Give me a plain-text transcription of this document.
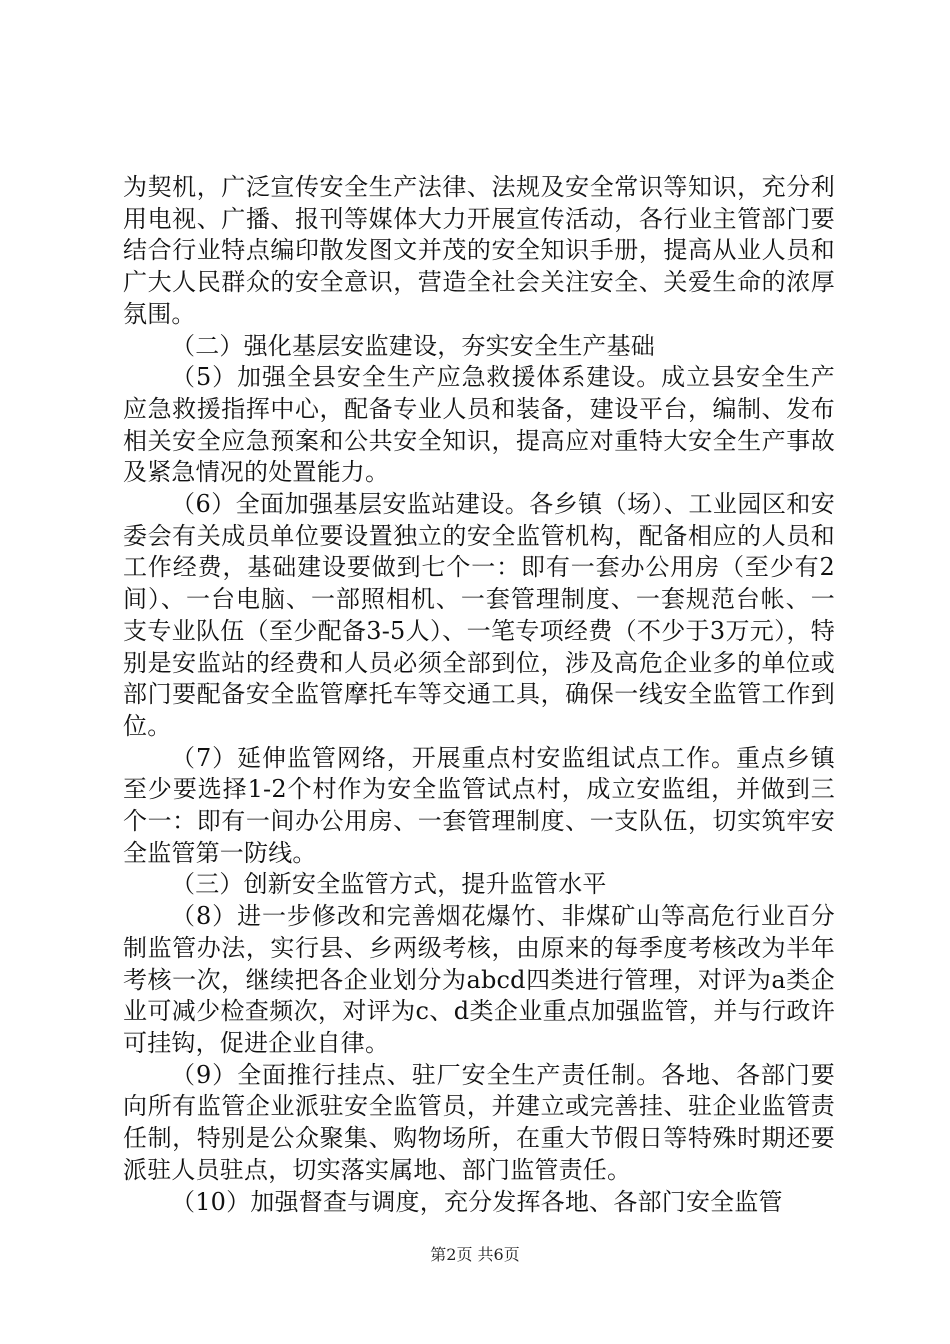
为契机，广泛宣传安全生产法律、法规及安全常识等知识，充分利用电视、广播、报刊等媒体大力开展宣传活动，各行业主管部门要结合行业特点编印散发图文并茂的安全知识手册，提高从业人员和广大人民群众的安全意识，营造全社会关注安全、关爱生命的浓厚氛围。

（二）强化基层安监建设，夯实安全生产基础

（5）加强全县安全生产应急救援体系建设。成立县安全生产应急救援指挥中心，配备专业人员和装备，建设平台，编制、发布相关安全应急预案和公共安全知识，提高应对重特大安全生产事故及紧急情况的处置能力。

（6）全面加强基层安监站建设。各乡镇（场）、工业园区和安委会有关成员单位要设置独立的安全监管机构，配备相应的人员和工作经费，基础建设要做到七个一：即有一套办公用房（至少有2间）、一台电脑、一部照相机、一套管理制度、一套规范台帐、一支专业队伍（至少配备3-5人）、一笔专项经费（不少于3万元），特别是安监站的经费和人员必须全部到位，涉及高危企业多的单位或部门要配备安全监管摩托车等交通工具，确保一线安全监管工作到位。

（7）延伸监管网络，开展重点村安监组试点工作。重点乡镇至少要选择1-2个村作为安全监管试点村，成立安监组，并做到三个一：即有一间办公用房、一套管理制度、一支队伍，切实筑牢安全监管第一防线。

（三）创新安全监管方式，提升监管水平

（8）进一步修改和完善烟花爆竹、非煤矿山等高危行业百分制监管办法，实行县、乡两级考核，由原来的每季度考核改为半年考核一次，继续把各企业划分为abcd四类进行管理，对评为a类企业可减少检查频次，对评为c、d类企业重点加强监管，并与行政许可挂钩，促进企业自律。

（9）全面推行挂点、驻厂安全生产责任制。各地、各部门要向所有监管企业派驻安全监管员，并建立或完善挂、驻企业监管责任制，特别是公众聚集、购物场所，在重大节假日等特殊时期还要派驻人员驻点，切实落实属地、部门监管责任。

（10）加强督查与调度，充分发挥各地、各部门安全监管

第2页 共6页
